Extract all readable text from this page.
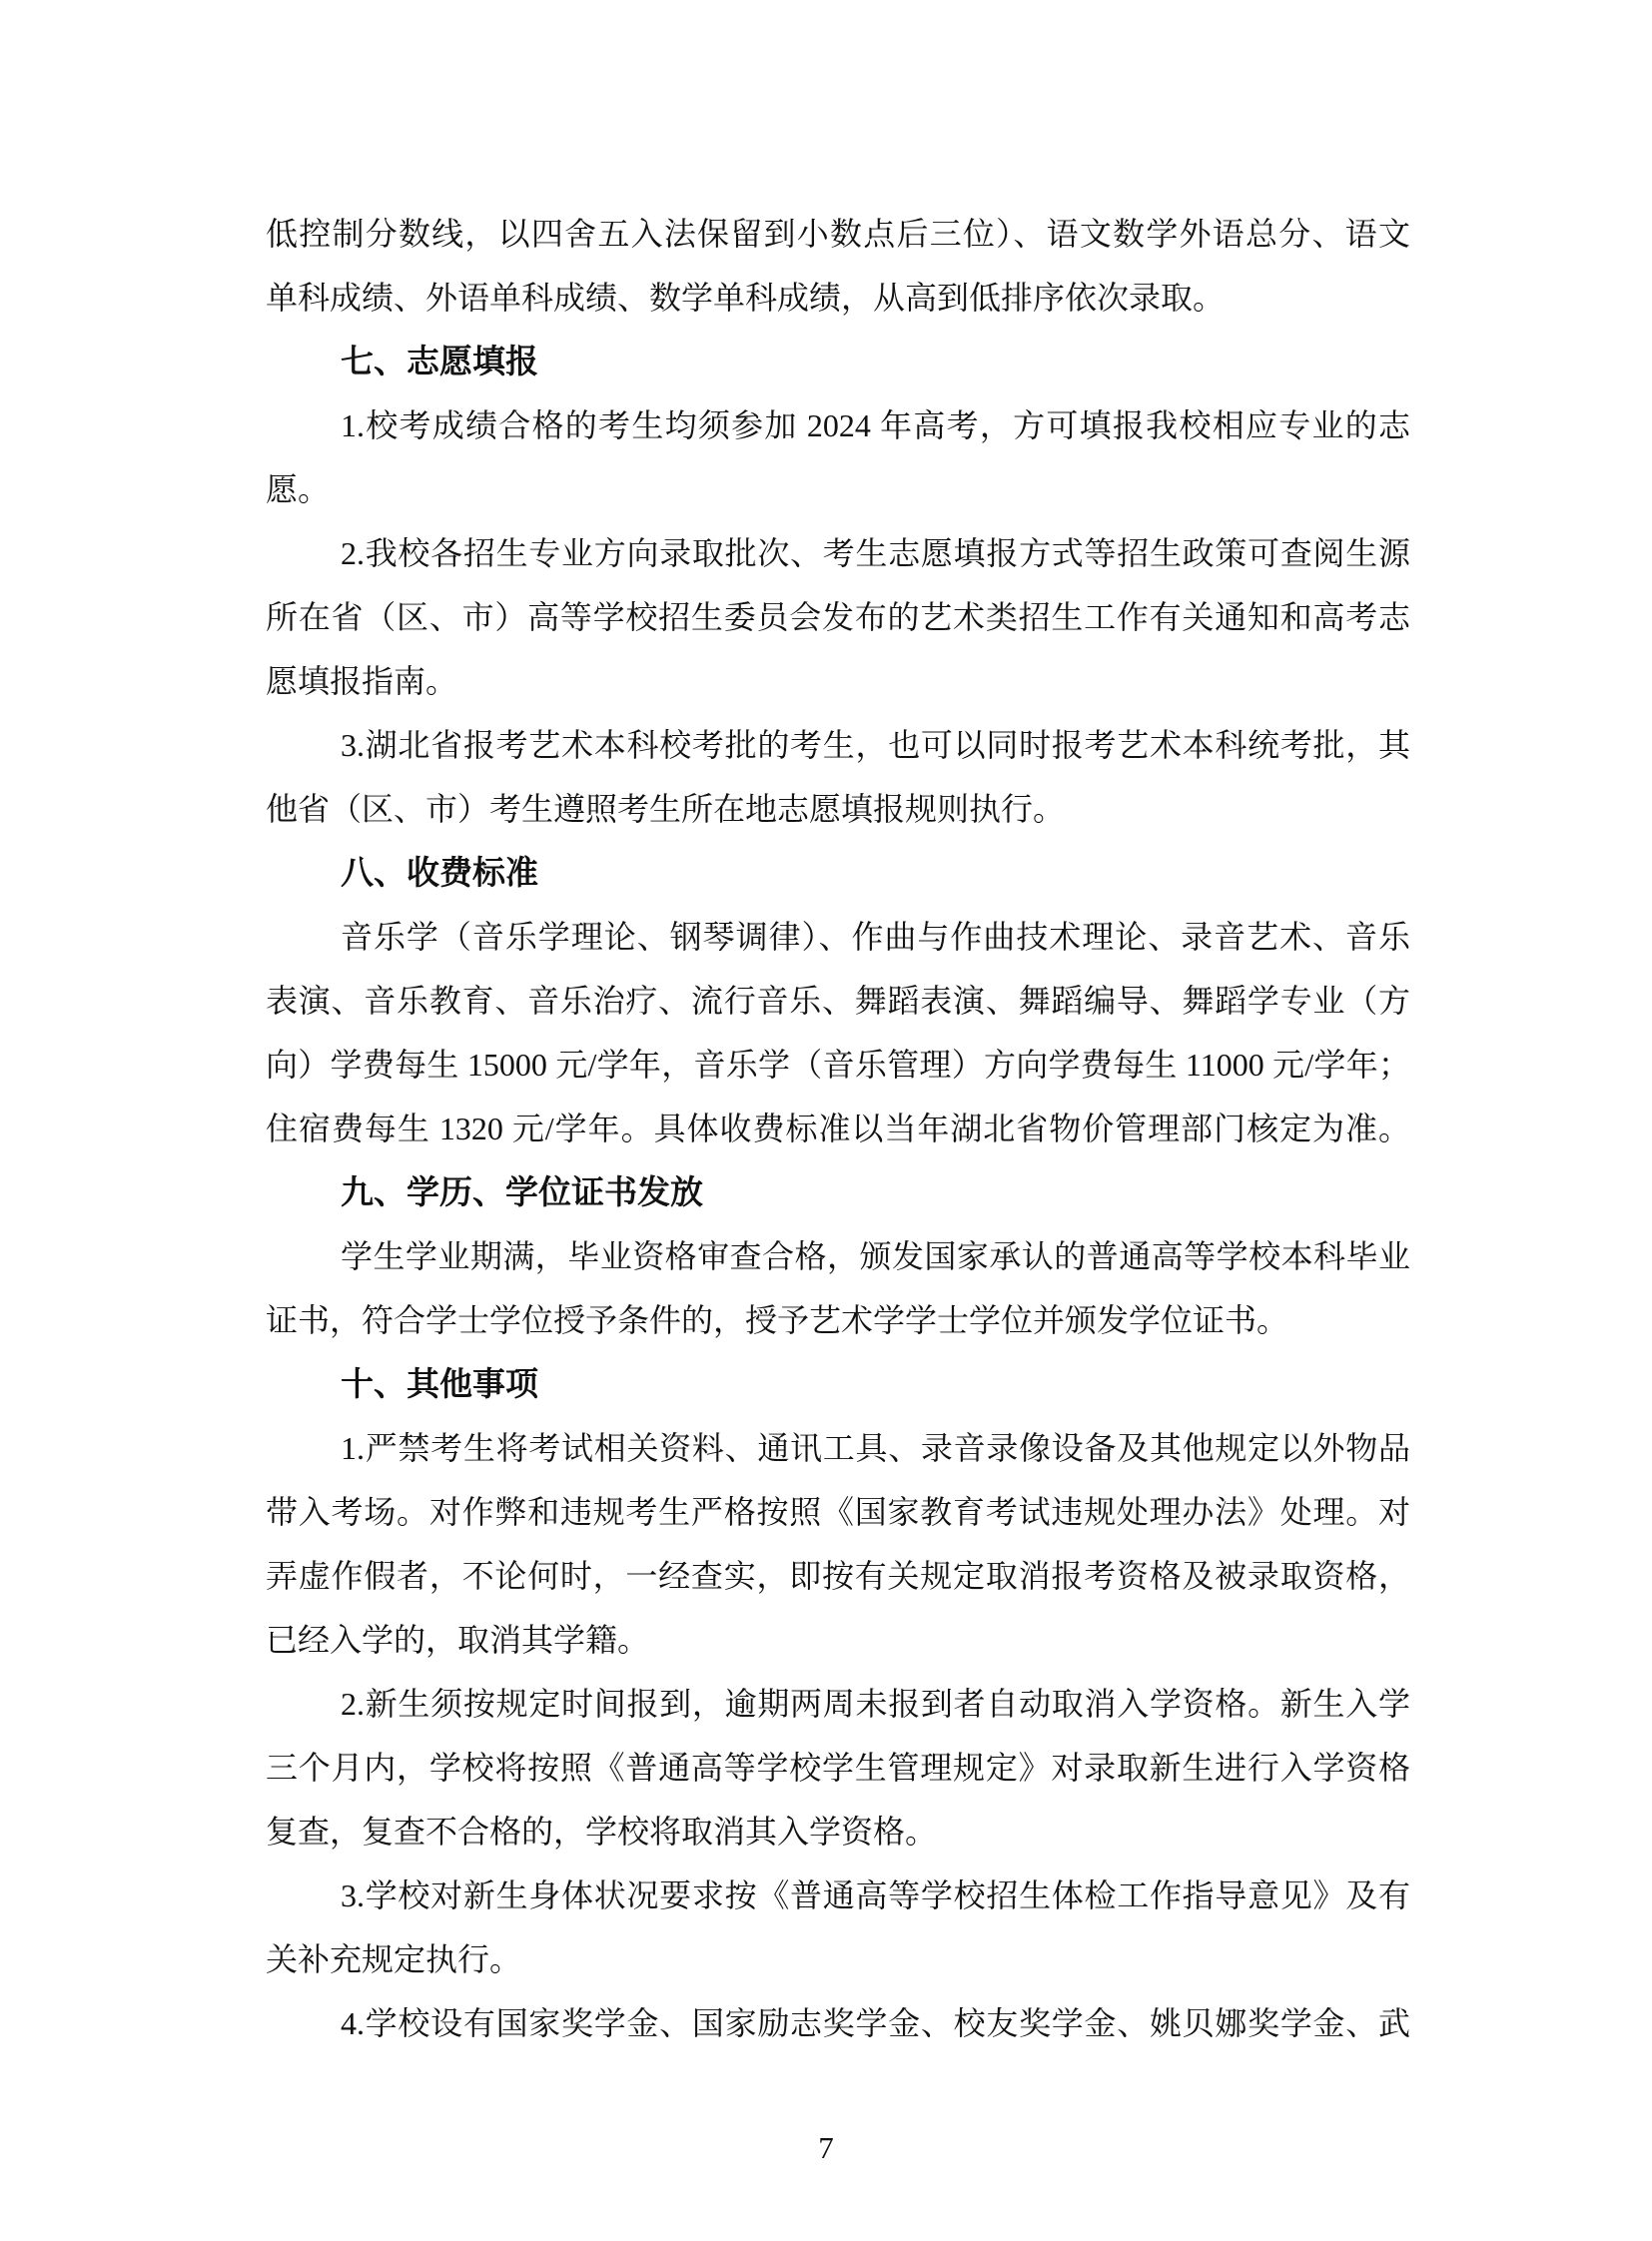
低控制分数线，以四舍五入法保留到小数点后三位）、语文数学外语总分、语文
单科成绩、外语单科成绩、数学单科成绩，从高到低排序依次录取。
七、志愿填报
1.校考成绩合格的考生均须参加 2024 年高考，方可填报我校相应专业的志
愿。
2.我校各招生专业方向录取批次、考生志愿填报方式等招生政策可查阅生源
所在省（区、市）高等学校招生委员会发布的艺术类招生工作有关通知和高考志
愿填报指南。
3.湖北省报考艺术本科校考批的考生，也可以同时报考艺术本科统考批，其
他省（区、市）考生遵照考生所在地志愿填报规则执行。
八、收费标准
音乐学（音乐学理论、钢琴调律）、作曲与作曲技术理论、录音艺术、音乐
表演、音乐教育、音乐治疗、流行音乐、舞蹈表演、舞蹈编导、舞蹈学专业（方
向）学费每生 15000 元/学年，音乐学（音乐管理）方向学费每生 11000 元/学年；
住宿费每生 1320 元/学年。具体收费标准以当年湖北省物价管理部门核定为准。
九、学历、学位证书发放
学生学业期满，毕业资格审查合格，颁发国家承认的普通高等学校本科毕业
证书，符合学士学位授予条件的，授予艺术学学士学位并颁发学位证书。
十、其他事项
1.严禁考生将考试相关资料、通讯工具、录音录像设备及其他规定以外物品
带入考场。对作弊和违规考生严格按照《国家教育考试违规处理办法》处理。对
弄虚作假者，不论何时，一经查实，即按有关规定取消报考资格及被录取资格，
已经入学的，取消其学籍。
2.新生须按规定时间报到，逾期两周未报到者自动取消入学资格。新生入学
三个月内，学校将按照《普通高等学校学生管理规定》对录取新生进行入学资格
复查，复查不合格的，学校将取消其入学资格。
3.学校对新生身体状况要求按《普通高等学校招生体检工作指导意见》及有
关补充规定执行。
4.学校设有国家奖学金、国家励志奖学金、校友奖学金、姚贝娜奖学金、武
7
